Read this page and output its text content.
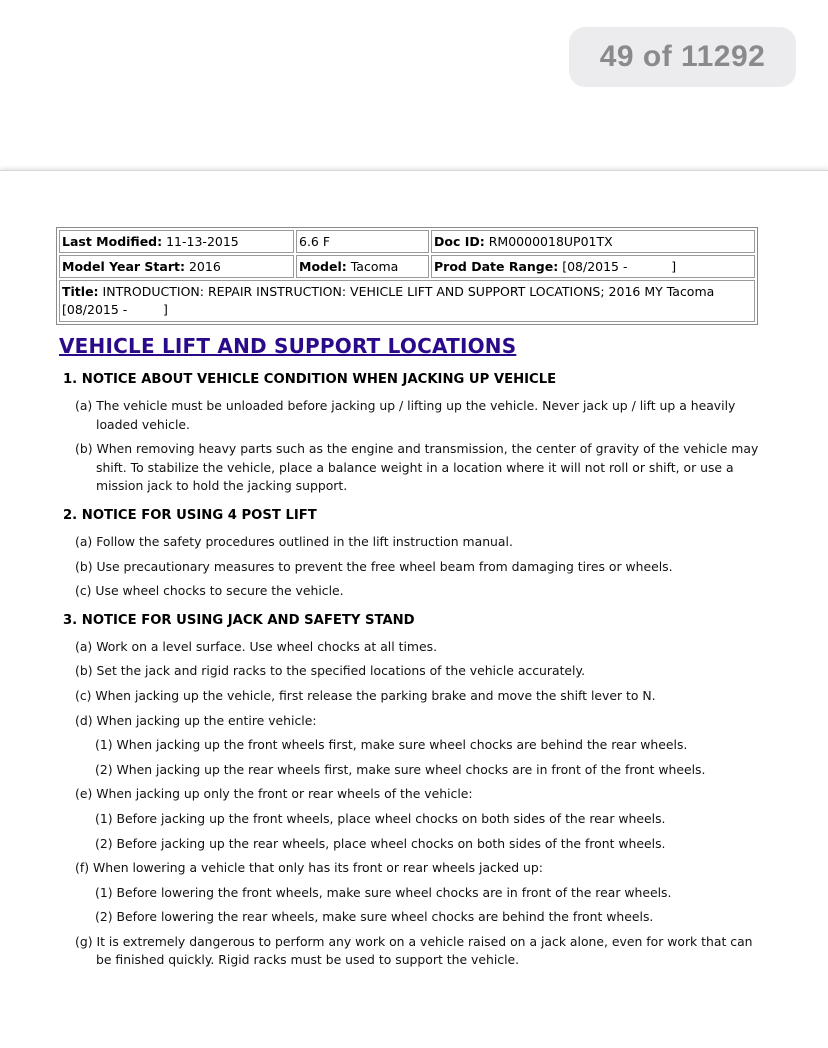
49 of 11292
Last Modified: 11-13-2015	6.6 F	Doc ID: RM0000018UP01TX
Model Year Start: 2016	Model: Tacoma	Prod Date Range: [08/2015 -           ]
Title: INTRODUCTION: REPAIR INSTRUCTION: VEHICLE LIFT AND SUPPORT LOCATIONS; 2016 MY Tacoma [08/2015 -         ]		
VEHICLE LIFT AND SUPPORT LOCATIONS

1. NOTICE ABOUT VEHICLE CONDITION WHEN JACKING UP VEHICLE

(a) The vehicle must be unloaded before jacking up / lifting up the vehicle. Never jack up / lift up a heavily loaded vehicle.
(b) When removing heavy parts such as the engine and transmission, the center of gravity of the vehicle may shift. To stabilize the vehicle, place a balance weight in a location where it will not roll or shift, or use a mission jack to hold the jacking support.

2. NOTICE FOR USING 4 POST LIFT

(a) Follow the safety procedures outlined in the lift instruction manual.
(b) Use precautionary measures to prevent the free wheel beam from damaging tires or wheels.
(c) Use wheel chocks to secure the vehicle.

3. NOTICE FOR USING JACK AND SAFETY STAND

(a) Work on a level surface. Use wheel chocks at all times.
(b) Set the jack and rigid racks to the specified locations of the vehicle accurately.
(c) When jacking up the vehicle, first release the parking brake and move the shift lever to N.
(d) When jacking up the entire vehicle:
(1) When jacking up the front wheels first, make sure wheel chocks are behind the rear wheels.
(2) When jacking up the rear wheels first, make sure wheel chocks are in front of the front wheels.
(e) When jacking up only the front or rear wheels of the vehicle:
(1) Before jacking up the front wheels, place wheel chocks on both sides of the rear wheels.
(2) Before jacking up the rear wheels, place wheel chocks on both sides of the front wheels.
(f) When lowering a vehicle that only has its front or rear wheels jacked up:
(1) Before lowering the front wheels, make sure wheel chocks are in front of the rear wheels.
(2) Before lowering the rear wheels, make sure wheel chocks are behind the front wheels.
(g) It is extremely dangerous to perform any work on a vehicle raised on a jack alone, even for work that can be finished quickly. Rigid racks must be used to support the vehicle.
